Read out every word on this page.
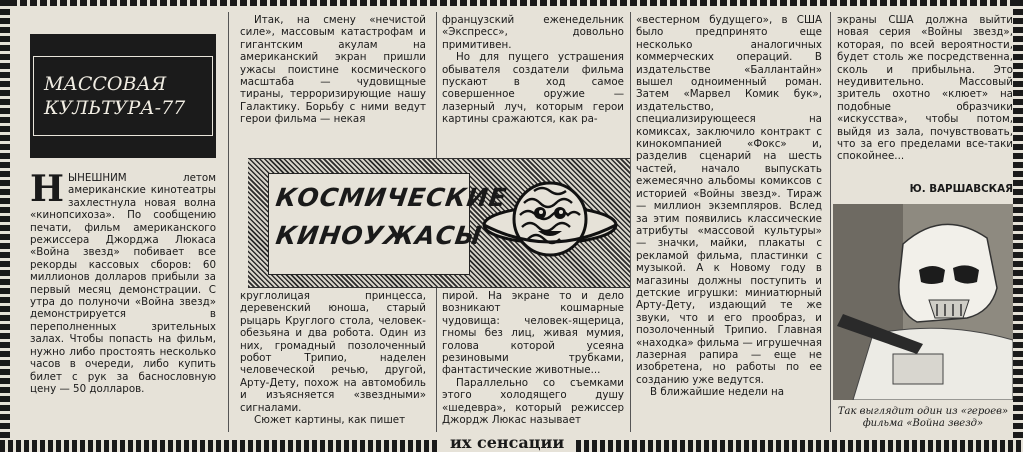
МАССОВАЯ
КУЛЬТУРА-77

НЫНЕШНИМ летом американские кинотеатры захлестнула новая волна «кинопсихоза». По сообщению печати, фильм американского режиссера Джорджа Люкаса «Война звезд» побивает все рекорды кассовых сборов: 60 миллионов долларов прибыли за первый месяц демонстрации. С утра до полуночи «Война звезд» демонстрируется в переполненных зрительных залах. Чтобы попасть на фильм, нужно либо простоять несколько часов в очереди, либо купить билет с рук за баснословную цену — 50 долларов.

Итак, на смену «нечистой силе», массовым катастрофам и гигантским акулам на американский экран пришли ужасы поистине космического масштаба — чудовищные тираны, терроризирующие нашу Галактику. Борьбу с ними ведут герои фильма — некая

французский еженедельник «Экспресс», довольно примитивен.

Но для пущего устрашения обывателя создатели фильма пускают в ход самое совершенное оружие — лазерный луч, которым герои картины сражаются, как ра-

КОСМИЧЕСКИЕ
КИНОУЖАСЫ

круглолицая принцесса, деревенский юноша, старый рыцарь Круглого стола, человек-обезьяна и два робота. Один из них, громадный позолоченный робот Трипио, наделен человеческой речью, другой, Арту-Дету, похож на автомобиль и изъясняется «звездными» сигналами.

Сюжет картины, как пишет

пирой. На экране то и дело возникают кошмарные чудовища: человек-ящерица, гномы без лиц, живая мумия, голова которой усеяна резиновыми трубками, фантастические животные...

Параллельно со съемками этого холодящего душу «шедевра», который режиссер Джордж Люкас называет

«вестерном будущего», в США было предпринято еще несколько аналогичных коммерческих операций. В издательстве «Баллантайн» вышел одноименный роман. Затем «Марвел Комик бук», издательство, специализирующееся на комиксах, заключило контракт с кинокомпанией «Фокс» и, разделив сценарий на шесть частей, начало выпускать ежемесячно альбомы комиксов с историей «Войны звезд». Тираж — миллион экземпляров. Вслед за этим появились классические атрибуты «массовой культуры» — значки, майки, плакаты с рекламой фильма, пластинки с музыкой. А к Новому году в магазины должны поступить и детские игрушки: миниатюрный Арту-Дету, издающий те же звуки, что и его прообраз, и позолоченный Трипио. Главная «находка» фильма — игрушечная лазерная рапира — еще не изобретена, но работы по ее созданию уже ведутся.

В ближайшие недели на

экраны США должна выйти новая серия «Войны звезд», которая, по всей вероятности, будет столь же посредственна, сколь и прибыльна. Это неудивительно. Массовый зритель охотно «клюет» на подобные образчики «искусства», чтобы потом, выйдя из зала, почувствовать, что за его пределами все-таки спокойнее...

Ю. ВАРШАВСКАЯ
Так выглядит один из «героев» фильма «Война звезд»
их сенсации
